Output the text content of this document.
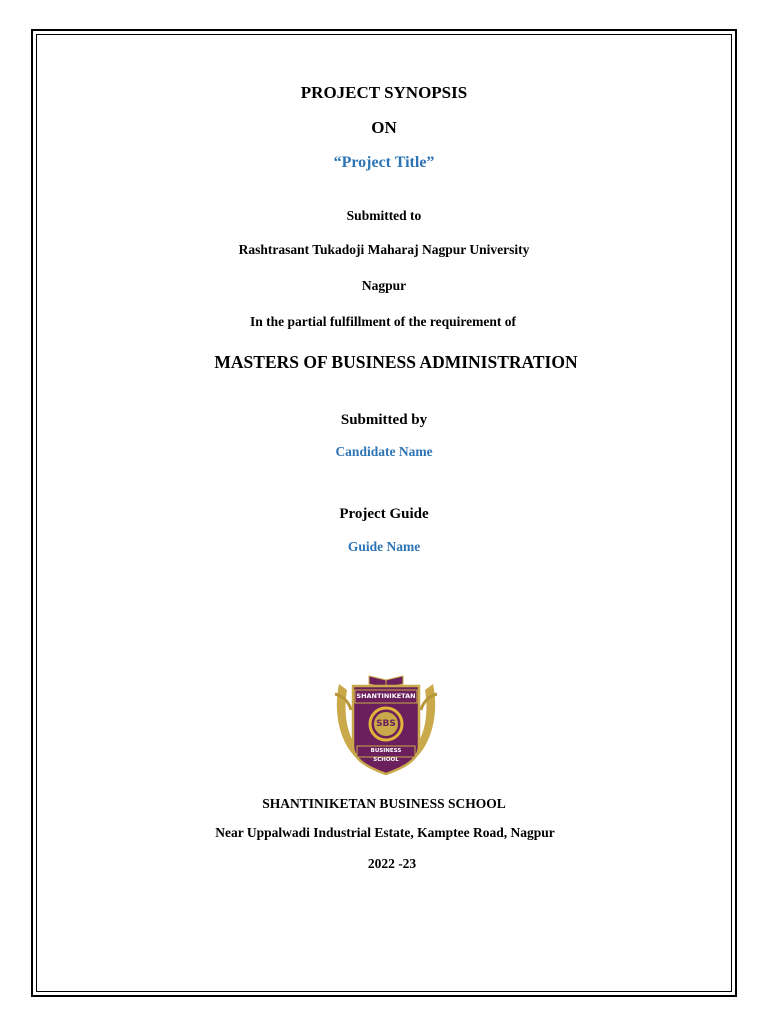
PROJECT SYNOPSIS
ON
“Project Title”
Submitted to
Rashtrasant Tukadoji Maharaj Nagpur University
Nagpur
In the partial fulfillment of the requirement of
MASTERS OF BUSINESS ADMINISTRATION
Submitted by
Candidate Name
Project Guide
Guide Name
SHANTINIKETAN
SBS
BUSINESS SCHOOL
SHANTINIKETAN BUSINESS SCHOOL
Near Uppalwadi Industrial Estate, Kamptee Road, Nagpur
2022 -23
